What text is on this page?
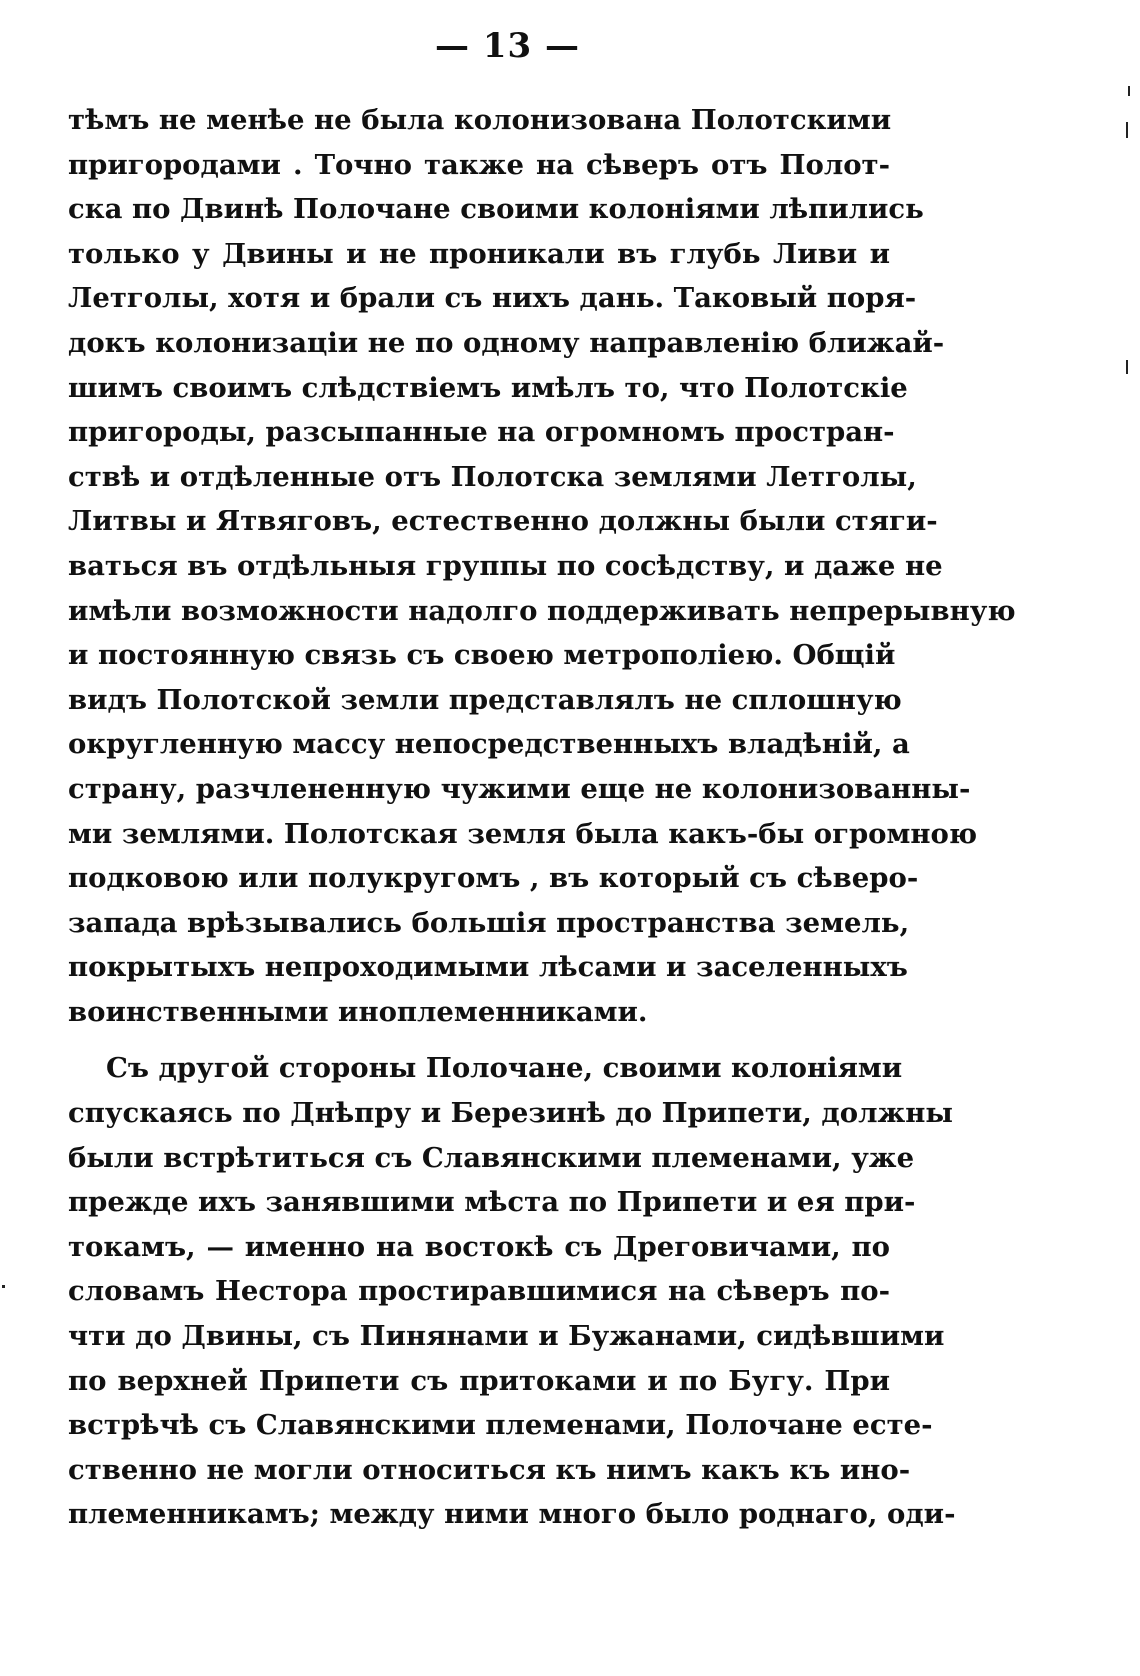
— 13 —
тѣмъ не менѣе не была колонизована Полотскими
пригородами . Точно также на сѣверъ отъ Полот-
ска по Двинѣ Полочане своими колоніями лѣпились
только у Двины и не проникали въ глубь Ливи и
Летголы, хотя и брали съ нихъ дань. Таковый поря-
докъ колонизаціи не по одному направленію ближай-
шимъ своимъ слѣдствіемъ имѣлъ то, что Полотскіе
пригороды, разсыпанные на огромномъ простран-
ствѣ и отдѣленные отъ Полотска землями Летголы,
Литвы и Ятвяговъ, естественно должны были стяги-
ваться въ отдѣльныя группы по сосѣдству, и даже не
имѣли возможности надолго поддерживать непрерывную
и постоянную связь съ своею метрополіею. Общій
видъ Полотской земли представлялъ не сплошную
округленную массу непосредственныхъ владѣній, а
страну, разчлененную чужими еще не колонизованны-
ми землями. Полотская земля была какъ-бы огромною
подковою или полукругомъ , въ который съ сѣверо-
запада врѣзывались большія пространства земель,
покрытыхъ непроходимыми лѣсами и заселенныхъ
воинственными иноплеменниками.
Съ другой стороны Полочане, своими колоніями
спускаясь по Днѣпру и Березинѣ до Припети, должны
были встрѣтиться съ Славянскими племенами, уже
прежде ихъ занявшими мѣста по Припети и ея при-
токамъ, — именно на востокѣ съ Дреговичами, по
словамъ Нестора простиравшимися на сѣверъ по-
чти до Двины, съ Пинянами и Бужанами, сидѣвшими
по верхней Припети съ притоками и по Бугу. При
встрѣчѣ съ Славянскими племенами, Полочане есте-
ственно не могли относиться къ нимъ какъ къ ино-
племенникамъ; между ними много было роднаго, оди-
